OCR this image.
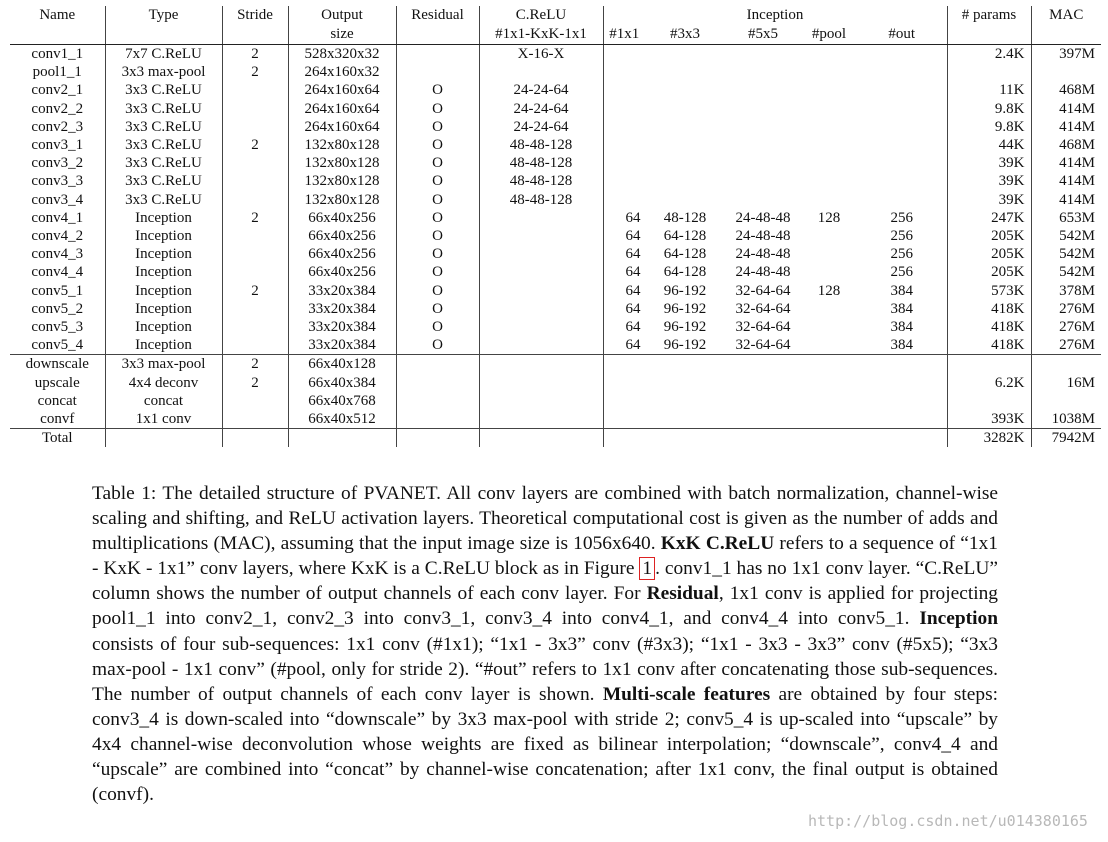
Name	Type	Stride	Output	Residual	C.ReLU	Inception					# params	MAC
			size		#1x1-KxK-1x1	#1x1	#3x3	#5x5	#pool	#out		
conv1_1	7x7 C.ReLU	2	528x320x32		X-16-X						2.4K	397M
pool1_1	3x3 max-pool	2	264x160x32									
conv2_1	3x3 C.ReLU		264x160x64	O	24-24-64						11K	468M
conv2_2	3x3 C.ReLU		264x160x64	O	24-24-64						9.8K	414M
conv2_3	3x3 C.ReLU		264x160x64	O	24-24-64						9.8K	414M
conv3_1	3x3 C.ReLU	2	132x80x128	O	48-48-128						44K	468M
conv3_2	3x3 C.ReLU		132x80x128	O	48-48-128						39K	414M
conv3_3	3x3 C.ReLU		132x80x128	O	48-48-128						39K	414M
conv3_4	3x3 C.ReLU		132x80x128	O	48-48-128						39K	414M
conv4_1	Inception	2	66x40x256	O		64	48-128	24-48-48	128	256	247K	653M
conv4_2	Inception		66x40x256	O		64	64-128	24-48-48		256	205K	542M
conv4_3	Inception		66x40x256	O		64	64-128	24-48-48		256	205K	542M
conv4_4	Inception		66x40x256	O		64	64-128	24-48-48		256	205K	542M
conv5_1	Inception	2	33x20x384	O		64	96-192	32-64-64	128	384	573K	378M
conv5_2	Inception		33x20x384	O		64	96-192	32-64-64		384	418K	276M
conv5_3	Inception		33x20x384	O		64	96-192	32-64-64		384	418K	276M
conv5_4	Inception		33x20x384	O		64	96-192	32-64-64		384	418K	276M
downscale	3x3 max-pool	2	66x40x128									
upscale	4x4 deconv	2	66x40x384								6.2K	16M
concat	concat		66x40x768									
convf	1x1 conv		66x40x512								393K	1038M
Total											3282K	7942M
Table 1: The detailed structure of PVANET. All conv layers are combined with batch normalization, channel-wise scaling and shifting, and ReLU activation layers. Theoretical computational cost is given as the number of adds and multiplications (MAC), assuming that the input image size is 1056x640. KxK C.ReLU refers to a sequence of “1x1 - KxK - 1x1” conv layers, where KxK is a C.ReLU block as in Figure 1 . conv1_1 has no 1x1 conv layer. “C.ReLU” column shows the number of output channels of each conv layer. For Residual, 1x1 conv is applied for projecting pool1_1 into conv2_1, conv2_3 into conv3_1, conv3_4 into conv4_1, and conv4_4 into conv5_1. Inception consists of four sub-sequences: 1x1 conv (#1x1); “1x1 - 3x3” conv (#3x3); “1x1 - 3x3 - 3x3” conv (#5x5); “3x3 max-pool - 1x1 conv” (#pool, only for stride 2). “#out” refers to 1x1 conv after concatenating those sub-sequences. The number of output channels of each conv layer is shown. Multi-scale features are obtained by four steps: conv3_4 is down-scaled into “downscale” by 3x3 max-pool with stride 2; conv5_4 is up-scaled into “upscale” by 4x4 channel-wise deconvolution whose weights are fixed as bilinear interpolation; “downscale”, conv4_4 and “upscale” are combined into “concat” by channel-wise concatenation; after 1x1 conv, the final output is obtained (convf).
http://blog.csdn.net/u014380165
